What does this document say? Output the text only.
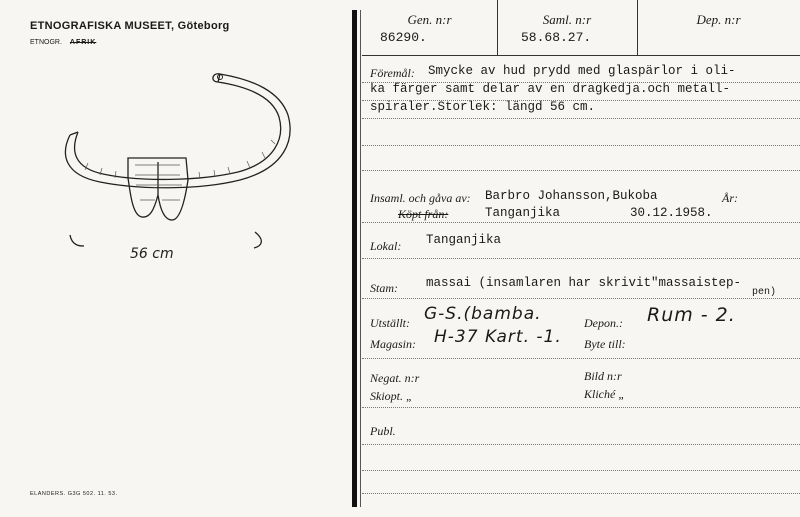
ETNOGRAFISKA MUSEET, Göteborg
ETNOGR. AFRIK
56 cm
ELANDERS. G3G 502. 11. 53.
Gen. n:r
86290.
Saml. n:r
58.68.27.
Dep. n:r
Föremål: Smycke av hud prydd med glaspärlor i oli-
ka färger samt delar av en dragkedja.och metall-
spiraler.Storlek: längd 56 cm.
Insaml. och gåva av: Barbro Johansson,Bukoba	År:
Köpt från:	Tanganjika	30.12.1958.
Lokal: Tanganjika
Stam: massai (insamlaren har skrivit"massaistep-
pen)
Utställt: G-S.(bamba.	Depon.: Rum - 2.
Magasin: H-37 Kart. -1. Byte till:
Negat. n:r	Bild n:r
Skiopt. „	Kliché „
Publ.
